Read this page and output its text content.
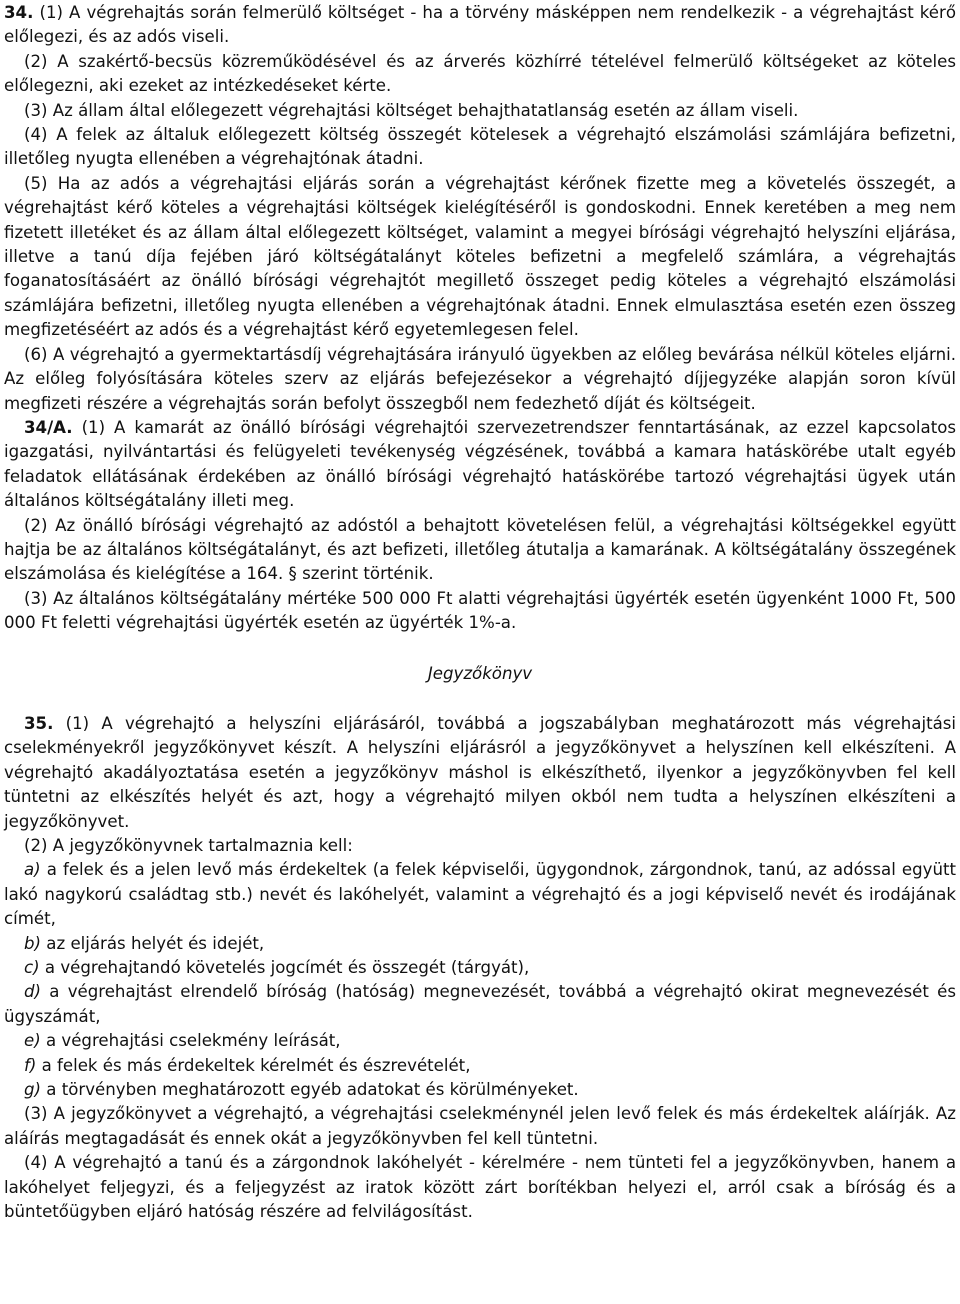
34. (1) A végrehajtás során felmerülő költséget - ha a törvény másképpen nem rendelkezik - a végrehajtást kérő előlegezi, és az adós viseli.

(2) A szakértő-becsüs közreműködésével és az árverés közhírré tételével felmerülő költségeket az köteles előlegezni, aki ezeket az intézkedéseket kérte.

(3) Az állam által előlegezett végrehajtási költséget behajthatatlanság esetén az állam viseli.

(4) A felek az általuk előlegezett költség összegét kötelesek a végrehajtó elszámolási számlájára befizetni, illetőleg nyugta ellenében a végrehajtónak átadni.

(5) Ha az adós a végrehajtási eljárás során a végrehajtást kérőnek fizette meg a követelés összegét, a végrehajtást kérő köteles a végrehajtási költségek kielégítéséről is gondoskodni. Ennek keretében a meg nem fizetett illetéket és az állam által előlegezett költséget, valamint a megyei bírósági végrehajtó helyszíni eljárása, illetve a tanú díja fejében járó költségátalányt köteles befizetni a megfelelő számlára, a végrehajtás foganatosításáért az önálló bírósági végrehajtót megillető összeget pedig köteles a végrehajtó elszámolási számlájára befizetni, illetőleg nyugta ellenében a végrehajtónak átadni. Ennek elmulasztása esetén ezen összeg megfizetéséért az adós és a végrehajtást kérő egyetemlegesen felel.

(6) A végrehajtó a gyermektartásdíj végrehajtására irányuló ügyekben az előleg bevárása nélkül köteles eljárni. Az előleg folyósítására köteles szerv az eljárás befejezésekor a végrehajtó díjjegyzéke alapján soron kívül megfizeti részére a végrehajtás során befolyt összegből nem fedezhető díját és költségeit.

34/A. (1) A kamarát az önálló bírósági végrehajtói szervezetrendszer fenntartásának, az ezzel kapcsolatos igazgatási, nyilvántartási és felügyeleti tevékenység végzésének, továbbá a kamara hatáskörébe utalt egyéb feladatok ellátásának érdekében az önálló bírósági végrehajtó hatáskörébe tartozó végrehajtási ügyek után általános költségátalány illeti meg.

(2) Az önálló bírósági végrehajtó az adóstól a behajtott követelésen felül, a végrehajtási költségekkel együtt hajtja be az általános költségátalányt, és azt befizeti, illetőleg átutalja a kamarának. A költségátalány összegének elszámolása és kielégítése a 164. § szerint történik.

(3) Az általános költségátalány mértéke 500 000 Ft alatti végrehajtási ügyérték esetén ügyenként 1000 Ft, 500 000 Ft feletti végrehajtási ügyérték esetén az ügyérték 1%-a.

Jegyzőkönyv

35. (1) A végrehajtó a helyszíni eljárásáról, továbbá a jogszabályban meghatározott más végrehajtási cselekményekről jegyzőkönyvet készít. A helyszíni eljárásról a jegyzőkönyvet a helyszínen kell elkészíteni. A végrehajtó akadályoztatása esetén a jegyzőkönyv máshol is elkészíthető, ilyenkor a jegyzőkönyvben fel kell tüntetni az elkészítés helyét és azt, hogy a végrehajtó milyen okból nem tudta a helyszínen elkészíteni a jegyzőkönyvet.

(2) A jegyzőkönyvnek tartalmaznia kell:

a) a felek és a jelen levő más érdekeltek (a felek képviselői, ügygondnok, zárgondnok, tanú, az adóssal együtt lakó nagykorú családtag stb.) nevét és lakóhelyét, valamint a végrehajtó és a jogi képviselő nevét és irodájának címét,

b) az eljárás helyét és idejét,

c) a végrehajtandó követelés jogcímét és összegét (tárgyát),

d) a végrehajtást elrendelő bíróság (hatóság) megnevezését, továbbá a végrehajtó okirat megnevezését és ügyszámát,

e) a végrehajtási cselekmény leírását,

f) a felek és más érdekeltek kérelmét és észrevételét,

g) a törvényben meghatározott egyéb adatokat és körülményeket.

(3) A jegyzőkönyvet a végrehajtó, a végrehajtási cselekménynél jelen levő felek és más érdekeltek aláírják. Az aláírás megtagadását és ennek okát a jegyzőkönyvben fel kell tüntetni.

(4) A végrehajtó a tanú és a zárgondnok lakóhelyét - kérelmére - nem tünteti fel a jegyzőkönyvben, hanem a lakóhelyet feljegyzi, és a feljegyzést az iratok között zárt borítékban helyezi el, arról csak a bíróság és a büntetőügyben eljáró hatóság részére ad felvilágosítást.
